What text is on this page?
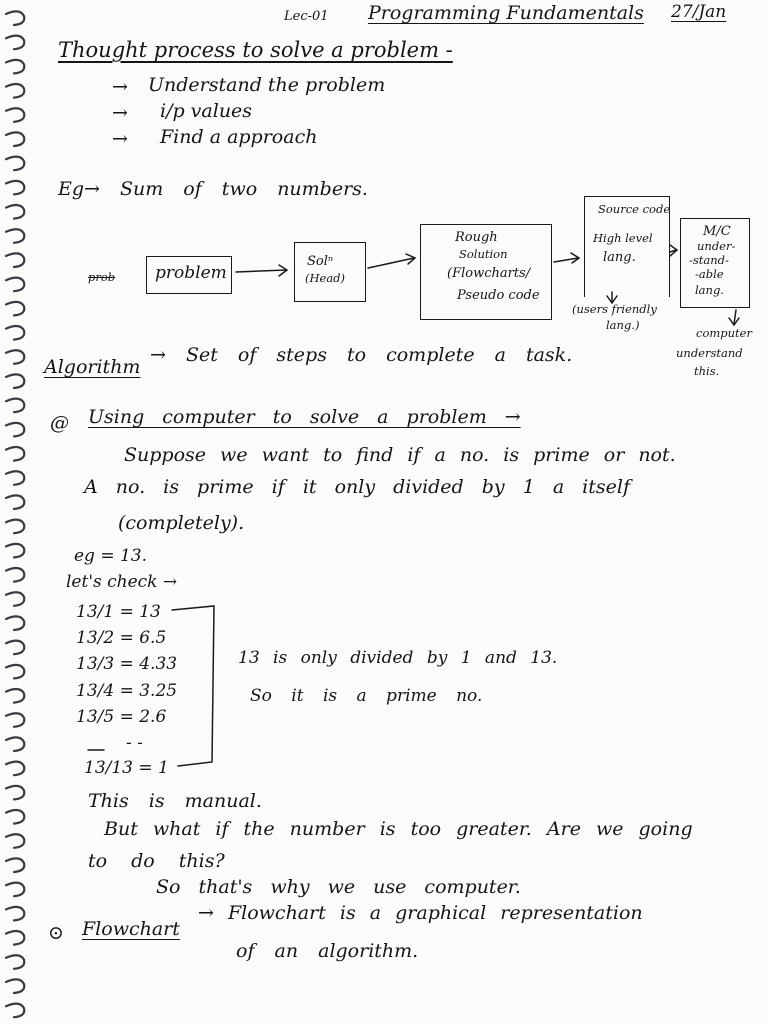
Lec-01 Programming Fundamentals 27/Jan
Thought process to solve a problem -
→ Understand the problem
→ i/p values
→ Find a approach
Eg→ Sum of two numbers.
prob problem
Solⁿ
(Head)
Rough
Solution
(Flowcharts/
Pseudo code
Source code
High level
lang.
M/C
under-
-stand-
-able
lang.
(users friendly
lang.)
computer
understand
this.
Algorithm
→ Set of steps to complete a task.
@ Using computer to solve a problem →
Suppose we want to find if a no. is prime or not.
A no. is prime if it only divided by 1 a itself
(completely).
eg = 13.
let's check →
13/1 = 13
13/2 = 6.5
13/3 = 4.33
13/4 = 3.25
13/5 = 2.6
- -
13/13 = 1
13 is only divided by 1 and 13.
So it is a prime no.
This is manual.
But what if the number is too greater. Are we going
to do this?
So that's why we use computer.
⊙ Flowchart
→ Flowchart is a graphical representation
of an algorithm.
